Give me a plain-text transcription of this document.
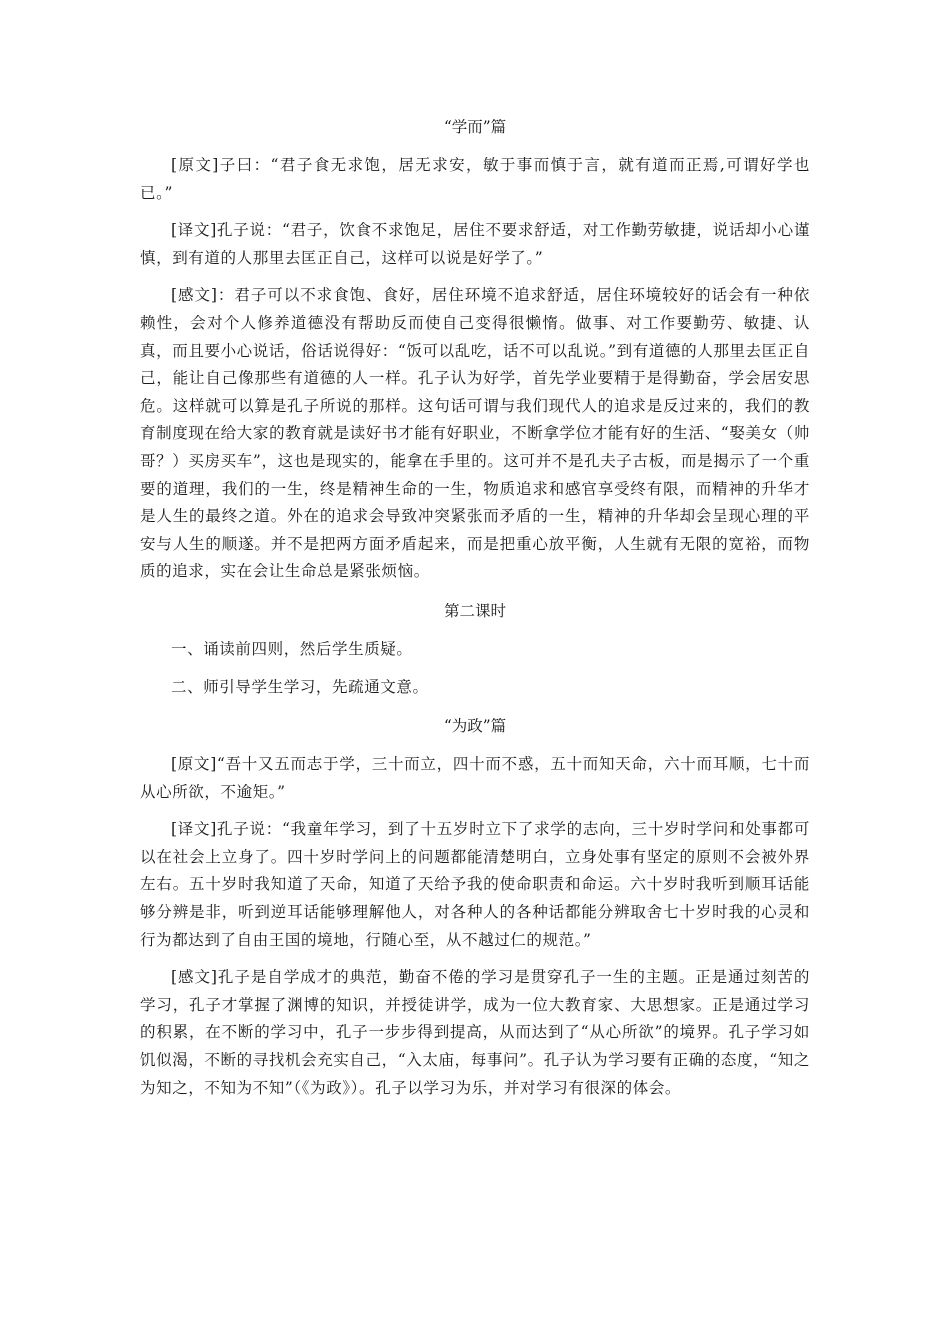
“学而”篇

[原文]子曰：“君子食无求饱，居无求安，敏于事而慎于言，就有道而正焉,可谓好学也已。”

[译文]孔子说：“君子，饮食不求饱足，居住不要求舒适，对工作勤劳敏捷，说话却小心谨慎，到有道的人那里去匡正自己，这样可以说是好学了。”

[感文]：君子可以不求食饱、食好，居住环境不追求舒适，居住环境较好的话会有一种依赖性，会对个人修养道德没有帮助反而使自己变得很懒惰。做事、对工作要勤劳、敏捷、认真，而且要小心说话，俗话说得好：“饭可以乱吃，话不可以乱说。”到有道德的人那里去匡正自己，能让自己像那些有道德的人一样。孔子认为好学，首先学业要精于是得勤奋，学会居安思危。这样就可以算是孔子所说的那样。这句话可谓与我们现代人的追求是反过来的，我们的教育制度现在给大家的教育就是读好书才能有好职业，不断拿学位才能有好的生活、“娶美女（帅哥？）买房买车”，这也是现实的，能拿在手里的。这可并不是孔夫子古板，而是揭示了一个重要的道理，我们的一生，终是精神生命的一生，物质追求和感官享受终有限，而精神的升华才是人生的最终之道。外在的追求会导致冲突紧张而矛盾的一生，精神的升华却会呈现心理的平安与人生的顺遂。并不是把两方面矛盾起来，而是把重心放平衡，人生就有无限的宽裕，而物质的追求，实在会让生命总是紧张烦恼。

第二课时

一、诵读前四则，然后学生质疑。

二、师引导学生学习，先疏通文意。

“为政”篇

[原文]“吾十又五而志于学，三十而立，四十而不惑，五十而知天命，六十而耳顺，七十而从心所欲，不逾矩。”

[译文]孔子说：“我童年学习，到了十五岁时立下了求学的志向，三十岁时学问和处事都可以在社会上立身了。四十岁时学问上的问题都能清楚明白，立身处事有坚定的原则不会被外界左右。五十岁时我知道了天命，知道了天给予我的使命职责和命运。六十岁时我听到顺耳话能够分辨是非，听到逆耳话能够理解他人，对各种人的各种话都能分辨取舍七十岁时我的心灵和行为都达到了自由王国的境地，行随心至，从不越过仁的规范。”

[感文]孔子是自学成才的典范，勤奋不倦的学习是贯穿孔子一生的主题。正是通过刻苦的学习，孔子才掌握了渊博的知识，并授徒讲学，成为一位大教育家、大思想家。正是通过学习的积累，在不断的学习中，孔子一步步得到提高，从而达到了“从心所欲”的境界。孔子学习如饥似渴，不断的寻找机会充实自己，“入太庙，每事问”。孔子认为学习要有正确的态度，“知之为知之，不知为不知”（《为政》）。孔子以学习为乐，并对学习有很深的体会。
